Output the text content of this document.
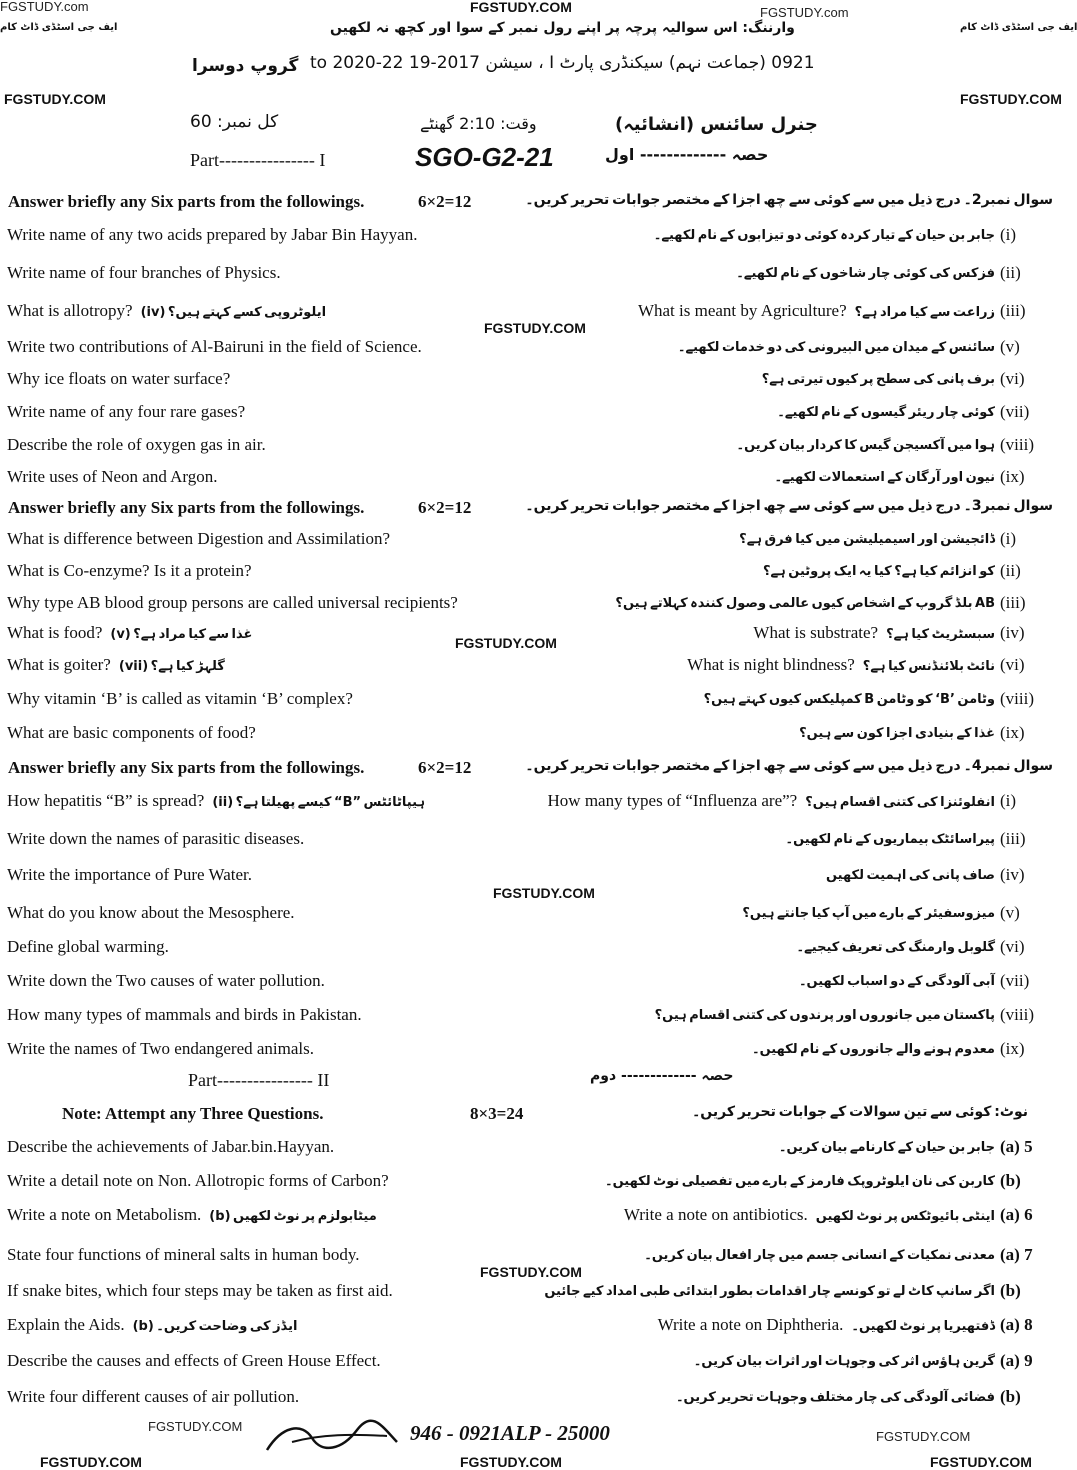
FGSTUDY.com	FGSTUDY.COM	FGSTUDY.com
ایف جی اسٹڈی ڈاٹ کام	ایف جی اسٹڈی ڈاٹ کام
FGSTUDY.COM	FGSTUDY.COM
FGSTUDY.COM
FGSTUDY.COM
FGSTUDY.COM
FGSTUDY.COM
FGSTUDY.COM
FGSTUDY.COM
FGSTUDY.COM	FGSTUDY.COM	FGSTUDY.COM
وارننگ: اس سوالیہ پرچہ پر اپنے رول نمبر کے سوا اور کچھ نہ لکھیں
0921 (جماعت نہم) سیکنڈری پارٹ I ، سیشن 2017-19 to 2020-22
گروپ دوسرا
جنرل سائنس (انشائیہ)
وقت: 2:10 گھنٹے
کل نمبر: 60
Part---------------- I	SGO-G2-21	حصہ ------------- اول
Answer briefly any Six parts from the followings.	6×2=12	سوال نمبر2۔ درج ذیل میں سے کوئی سے چھ اجزا کے مختصر جوابات تحریر کریں۔
Write name of any two acids prepared by Jabar Bin Hayyan.	جابر بن حیان کے تیار کردہ کوئی دو تیزابوں کے نام لکھیے۔ (i)
Write name of four branches of Physics.	فزکس کی کوئی چار شاخوں کے نام لکھیے۔ (ii)
What is allotropy? ایلوٹروپی کسے کہتے ہیں؟ (iv)	What is meant by Agriculture? زراعت سے کیا مراد ہے؟ (iii)
Write two contributions of Al-Bairuni in the field of Science.	سائنس کے میدان میں البیرونی کی دو خدمات لکھیے۔ (v)
Why ice floats on water surface?	برف پانی کی سطح پر کیوں تیرتی ہے؟ (vi)
Write name of any four rare gases?	کوئی چار ریئر گیسوں کے نام لکھیے۔ (vii)
Describe the role of oxygen gas in air.	ہوا میں آکسیجن گیس کا کردار بیان کریں۔ (viii)
Write uses of Neon and Argon.	نیون اور آرگان کے استعمالات لکھیے۔ (ix)
Answer briefly any Six parts from the followings.	6×2=12	سوال نمبر3۔ درج ذیل میں سے کوئی سے چھ اجزا کے مختصر جوابات تحریر کریں۔
What is difference between Digestion and Assimilation?	ڈائجیشن اور اسیمیلیشن میں کیا فرق ہے؟ (i)
What is Co-enzyme? Is it a protein?	کو انزائم کیا ہے؟ کیا یہ ایک پروٹین ہے؟ (ii)
Why type AB blood group persons are called universal recipients?	AB بلڈ گروپ کے اشخاص کیوں عالمی وصول کنندہ کہلاتے ہیں؟ (iii)
What is food? غذا سے کیا مراد ہے؟ (v)	What is substrate? سبسٹریٹ کیا ہے؟ (iv)
What is goiter? گلہڑ کیا ہے؟ (vii)	What is night blindness? نائٹ بلائنڈنس کیا ہے؟ (vi)
Why vitamin ‘B’ is called as vitamin ‘B’ complex?	وٹامن ’B‘ کو وٹامن B کمپلیکس کیوں کہتے ہیں؟ (viii)
What are basic components of food?	غذا کے بنیادی اجزا کون سے ہیں؟ (ix)
Answer briefly any Six parts from the followings.	6×2=12	سوال نمبر4۔ درج ذیل میں سے کوئی سے چھ اجزا کے مختصر جوابات تحریر کریں۔
How hepatitis “B” is spread? ہیپاٹائٹس ”B“ کیسے پھیلتا ہے؟ (ii)	How many types of “Influenza are”? انفلوئنزا کی کتنی اقسام ہیں؟ (i)
Write down the names of parasitic diseases.	پیراسائٹک بیماریوں کے نام لکھیں۔ (iii)
Write the importance of Pure Water.	صاف پانی کی اہمیت لکھیں (iv)
What do you know about the Mesosphere.	میزوسفیئر کے بارے میں آپ کیا جانتے ہیں؟ (v)
Define global warming.	گلوبل وارمنگ کی تعریف کیجیے۔ (vi)
Write down the Two causes of water pollution.	آبی آلودگی کے دو اسباب لکھیں۔ (vii)
How many types of mammals and birds in Pakistan.	پاکستان میں جانوروں اور پرندوں کی کتنی اقسام ہیں؟ (viii)
Write the names of Two endangered animals.	معدوم ہونے والے جانوروں کے نام لکھیں۔ (ix)
Part---------------- II	حصہ ------------- دوم
Note: Attempt any Three Questions.	8×3=24	نوٹ: کوئی سے تین سوالات کے جوابات تحریر کریں۔
Describe the achievements of Jabar.bin.Hayyan.	جابر بن حیان کے کارنامے بیان کریں۔ (a) 5
Write a detail note on Non. Allotropic forms of Carbon?	کاربن کی نان ایلوٹروپک فارمز کے بارے میں تفصیلی نوٹ لکھیں۔ (b)
Write a note on Metabolism. میٹابولزم پر نوٹ لکھیں (b)	Write a note on antibiotics. اینٹی بائیوٹکس پر نوٹ لکھیں (a) 6
State four functions of mineral salts in human body.	معدنی نمکیات کے انسانی جسم میں چار افعال بیان کریں۔ (a) 7
If snake bites, which four steps may be taken as first aid.	اگر سانپ کاٹ لے تو کونسے چار اقدامات بطور ابتدائی طبی امداد کیے جائیں (b)
Explain the Aids. ایڈز کی وضاحت کریں۔ (b)	Write a note on Diphtheria. ڈفتھیریا پر نوٹ لکھیں۔ (a) 8
Describe the causes and effects of Green House Effect.	گرین ہاؤس اثر کی وجوہات اور اثرات بیان کریں۔ (a) 9
Write four different causes of air pollution.	فضائی آلودگی کی چار مختلف وجوہات تحریر کریں۔ (b)
946 - 0921ALP - 25000
